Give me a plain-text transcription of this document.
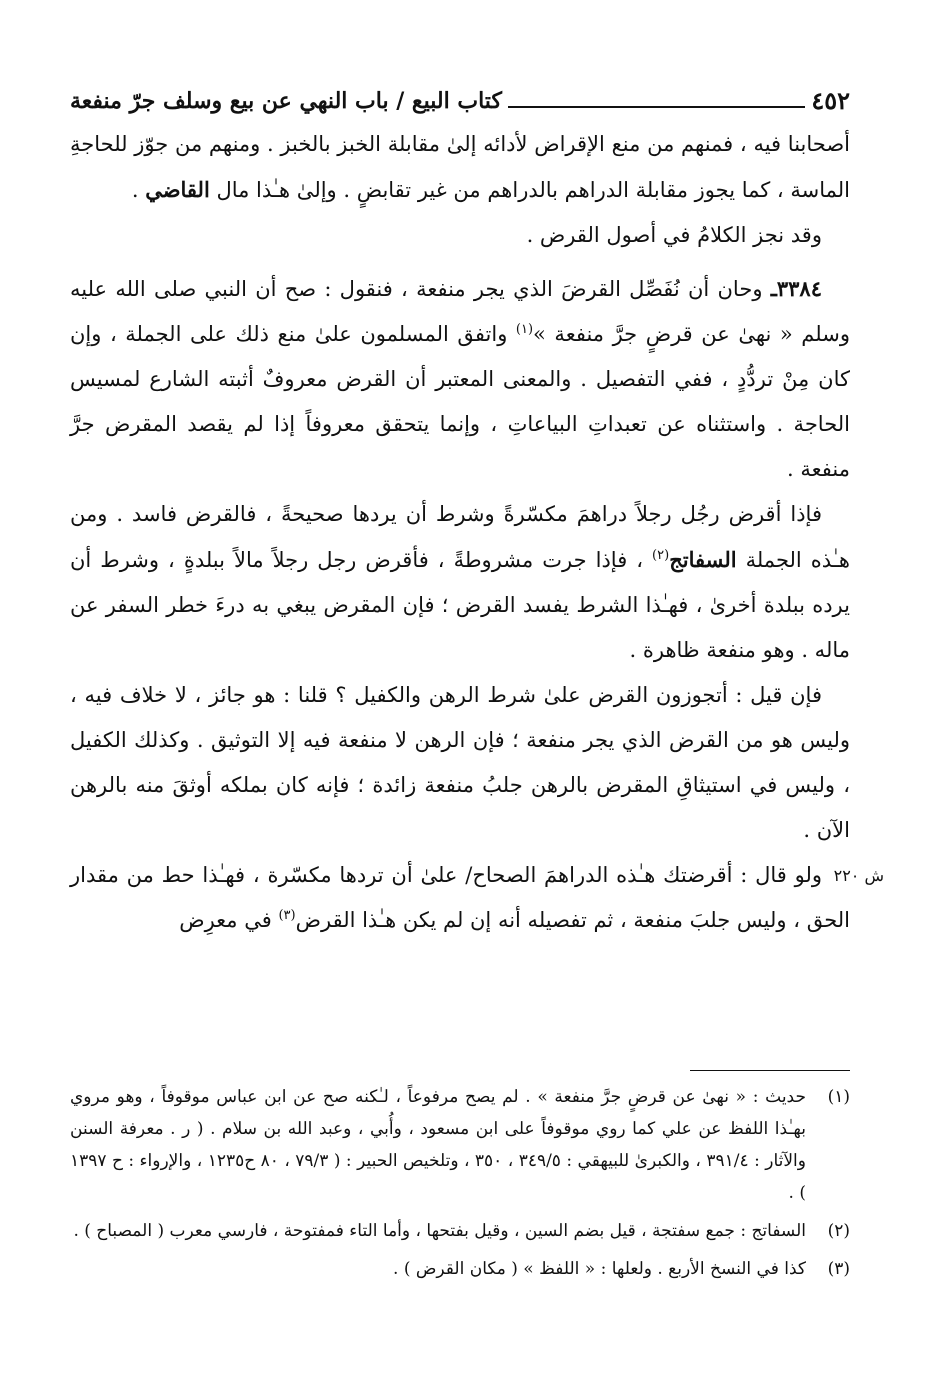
٤٥٢
كتاب البيع / باب النهي عن بيع وسلف جرّ منفعة

أصحابنا فيه ، فمنهم من منع الإقراض لأدائه إلىٰ مقابلة الخبز بالخبز . ومنهم من جوّز للحاجةِ الماسة ، كما يجوز مقابلة الدراهم بالدراهم من غير تقابضٍ . وإلىٰ هـٰذا مال القاضي .

وقد نجز الكلامُ في أصول القرض .

٣٣٨٤ـ وحان أن نُفَصِّل القرضَ الذي يجر منفعة ، فنقول : صح أن النبي صلى الله عليه وسلم « نهىٰ عن قرضٍ جرَّ منفعة »$^{(١)}$ واتفق المسلمون علىٰ منع ذلك على الجملة ، وإن كان مِنْ تردُّدٍ ، ففي التفصيل . والمعنى المعتبر أن القرض معروفٌ أثبته الشارع لمسيس الحاجة . واستثناه عن تعبداتِ البياعاتِ ، وإنما يتحقق معروفاً إذا لم يقصد المقرض جرَّ منفعة .

فإذا أقرض رجُل رجلاً دراهمَ مكسّرةً وشرط أن يردها صحيحةً ، فالقرض فاسد . ومن هـٰذه الجملة السفاتج$^{(٢)}$ ، فإذا جرت مشروطةً ، فأقرض رجل رجلاً مالاً ببلدةٍ ، وشرط أن يرده ببلدة أخرىٰ ، فهـٰذا الشرط يفسد القرض ؛ فإن المقرض يبغي به درءَ خطر السفر عن ماله . وهو منفعة ظاهرة .

فإن قيل : أتجوزون القرض علىٰ شرط الرهن والكفيل ؟ قلنا : هو جائز ، لا خلاف فيه ، وليس هو من القرض الذي يجر منفعة ؛ فإن الرهن لا منفعة فيه إلا التوثيق . وكذلك الكفيل ، وليس في استيثاقِ المقرض بالرهن جلبُ منفعة زائدة ؛ فإنه كان بملكه أوثقَ منه بالرهن الآن .

ش ٢٢٠
ولو قال : أقرضتك هـٰذه الدراهمَ الصحاح/ علىٰ أن تردها مكسّرة ، فهـٰذا حط من مقدار الحق ، وليس جلبَ منفعة ، ثم تفصيله أنه إن لم يكن هـٰذا القرض$^{(٣)}$ في معرِض

(١)
حديث : « نهىٰ عن قرضٍ جرَّ منفعة » . لم يصح مرفوعاً ، لـٰكنه صح عن ابن عباس موقوفاً ، وهو مروي بهـٰذا اللفظ عن علي كما روي موقوفاً على ابن مسعود ، وأُبي ، وعبد الله بن سلام . ( ر . معرفة السنن والآثار : ٣٩١/٤ ، والكبرىٰ للبيهقي : ٣٤٩/٥ ، ٣٥٠ ، وتلخيص الحبير : ( ٧٩/٣ ، ٨٠ ح١٢٣٥ ، والإرواء : ح ١٣٩٧ ) .
(٢)
السفاتج : جمع سفتجة ، قيل بضم السين ، وقيل بفتحها ، وأما التاء فمفتوحة ، فارسي معرب ( المصباح ) .
(٣)
كذا في النسخ الأربع . ولعلها : « اللفظ » ( مكان القرض ) .
